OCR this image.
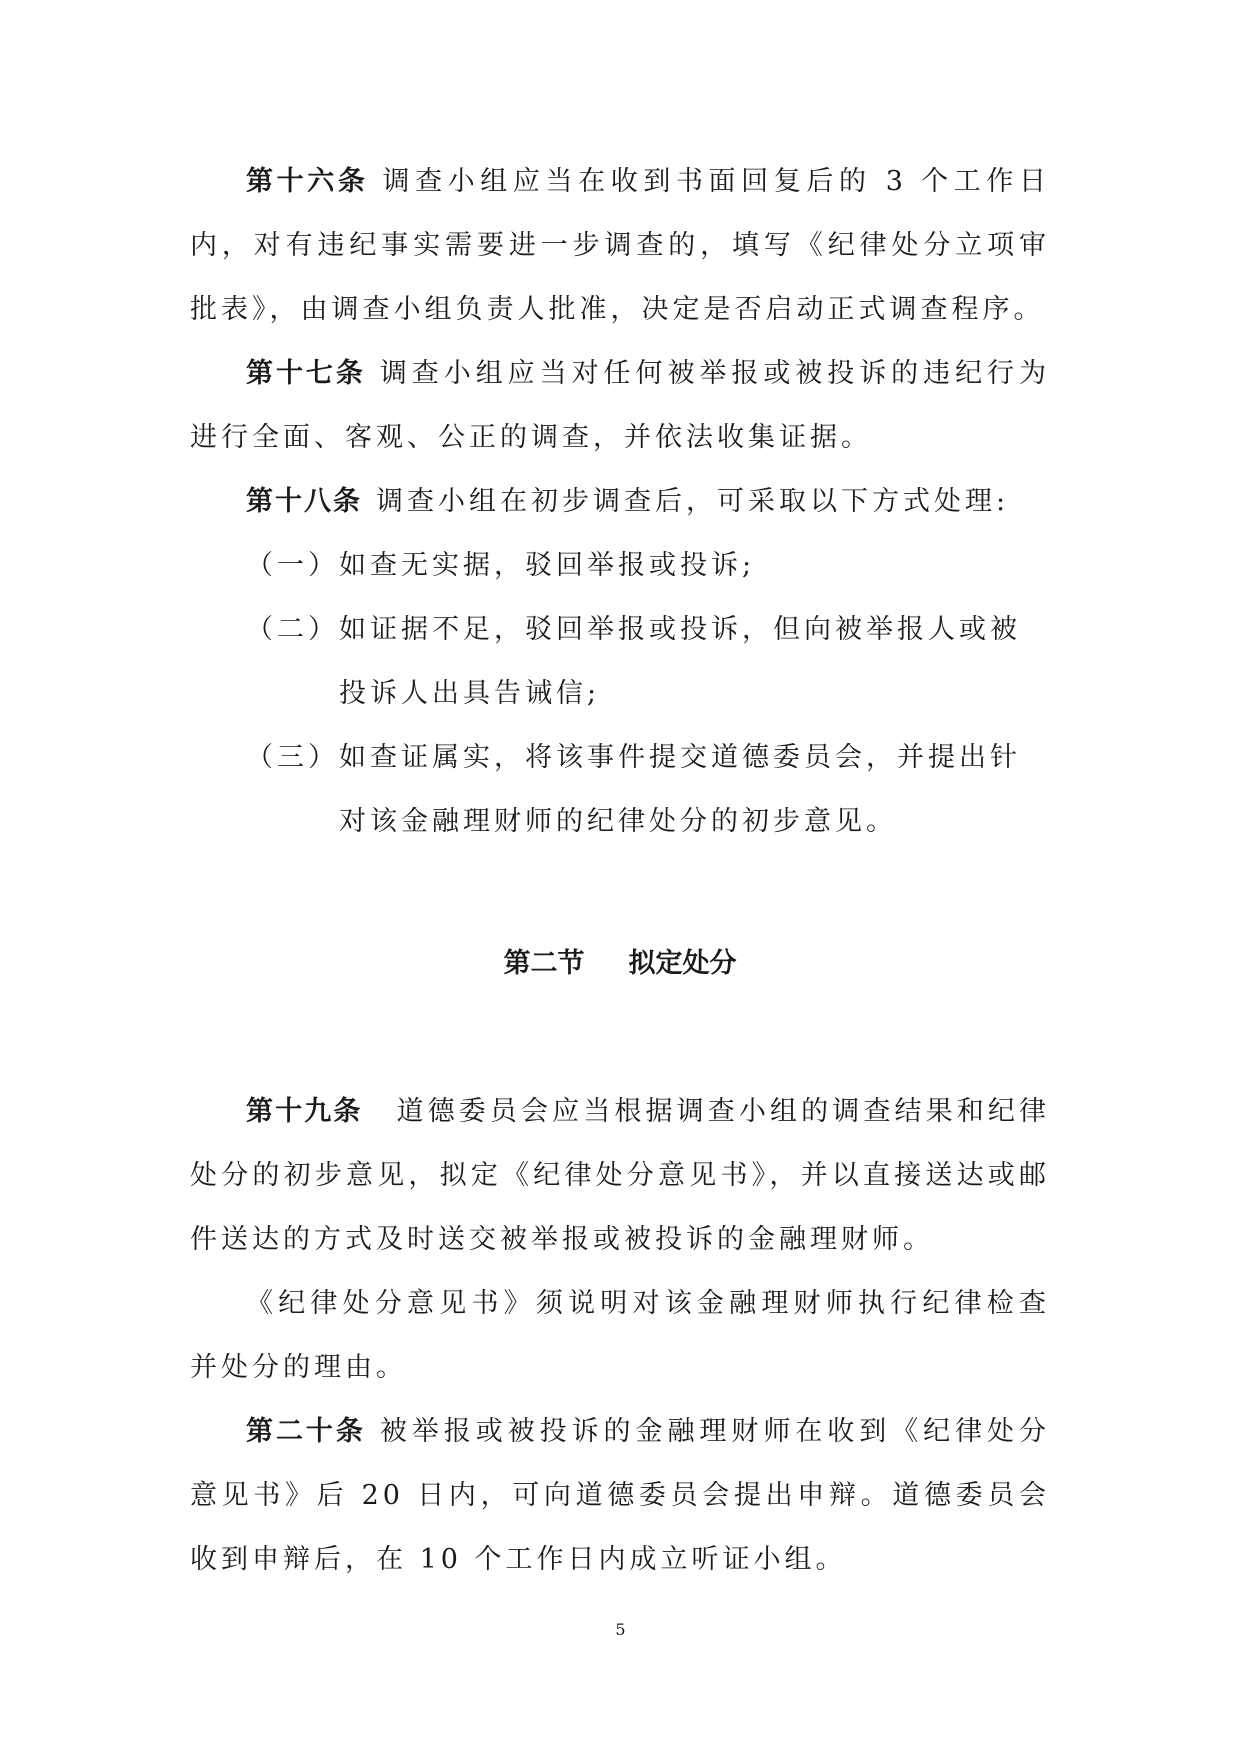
第十六条 调查小组应当在收到书面回复后的 3 个工作日内，对有违纪事实需要进一步调查的，填写《纪律处分立项审批表》，由调查小组负责人批准，决定是否启动正式调查程序。

第十七条 调查小组应当对任何被举报或被投诉的违纪行为进行全面、客观、公正的调查，并依法收集证据。

第十八条 调查小组在初步调查后，可采取以下方式处理:

（一） 如查无实据，驳回举报或投诉;
（二） 如证据不足，驳回举报或投诉，但向被举报人或被投诉人出具告诫信;
（三） 如查证属实，将该事件提交道德委员会，并提出针对该金融理财师的纪律处分的初步意见。
第二节 拟定处分

第十九条 道德委员会应当根据调查小组的调查结果和纪律处分的初步意见，拟定《纪律处分意见书》，并以直接送达或邮件送达的方式及时送交被举报或被投诉的金融理财师。

《纪律处分意见书》须说明对该金融理财师执行纪律检查并处分的理由。

第二十条 被举报或被投诉的金融理财师在收到《纪律处分意见书》后 20 日内，可向道德委员会提出申辩。道德委员会收到申辩后，在 10 个工作日内成立听证小组。

5
